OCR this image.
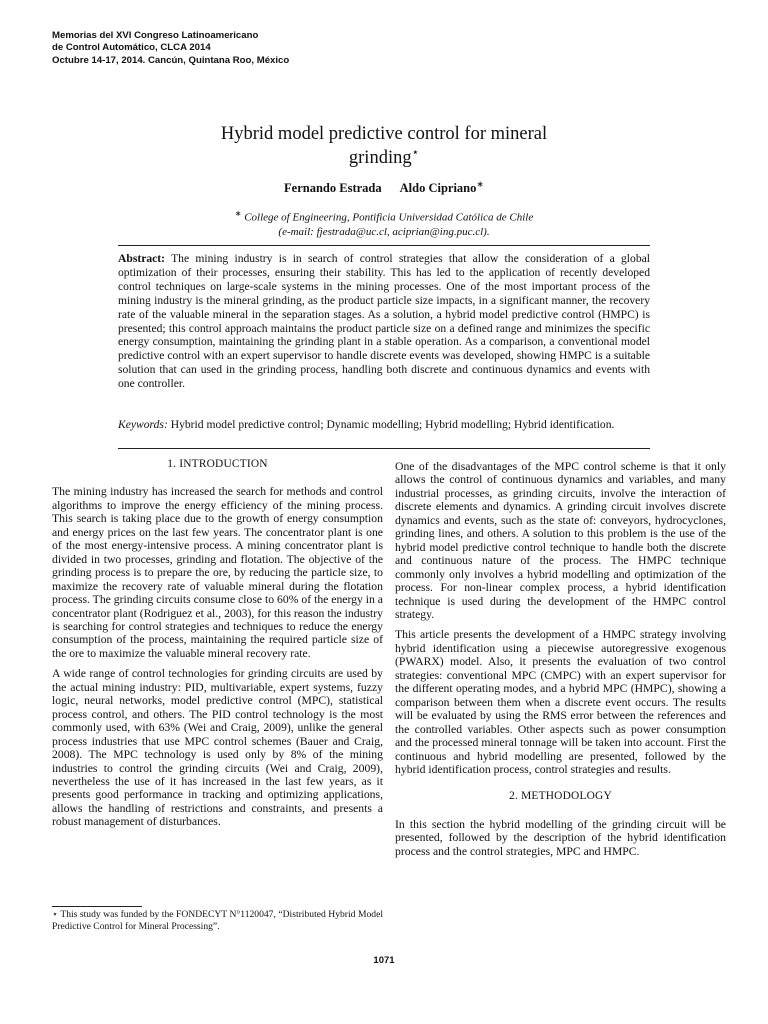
Memorias del XVI Congreso Latinoamericano
de Control Automático, CLCA 2014
Octubre 14-17, 2014. Cancún, Quintana Roo, México
Hybrid model predictive control for mineral
grinding⋆
Fernando Estrada Aldo Cipriano∗
∗ College of Engineering, Pontificia Universidad Católica de Chile
(e-mail: fjestrada@uc.cl, aciprian@ing.puc.cl).
Abstract: The mining industry is in search of control strategies that allow the consideration of a global optimization of their processes, ensuring their stability. This has led to the application of recently developed control techniques on large-scale systems in the mining processes. One of the most important process of the mining industry is the mineral grinding, as the product particle size impacts, in a significant manner, the recovery rate of the valuable mineral in the separation stages. As a solution, a hybrid model predictive control (HMPC) is presented; this control approach maintains the product particle size on a defined range and minimizes the specific energy consumption, maintaining the grinding plant in a stable operation. As a comparison, a conventional model predictive control with an expert supervisor to handle discrete events was developed, showing HMPC is a suitable solution that can used in the grinding process, handling both discrete and continuous dynamics and events with one controller.
Keywords: Hybrid model predictive control; Dynamic modelling; Hybrid modelling; Hybrid identification.
1. INTRODUCTION

The mining industry has increased the search for methods and control algorithms to improve the energy efficiency of the mining process. This search is taking place due to the growth of energy consumption and energy prices on the last few years. The concentrator plant is one of the most energy-intensive process. A mining concentrator plant is divided in two processes, grinding and flotation. The objective of the grinding process is to prepare the ore, by reducing the particle size, to maximize the recovery rate of valuable mineral during the flotation process. The grinding circuits consume close to 60% of the energy in a concentrator plant (Rodriguez et al., 2003), for this reason the industry is searching for control strategies and techniques to reduce the energy consumption of the process, maintaining the required particle size of the ore to maximize the valuable mineral recovery rate.

A wide range of control technologies for grinding circuits are used by the actual mining industry: PID, multivariable, expert systems, fuzzy logic, neural networks, model predictive control (MPC), statistical process control, and others. The PID control technology is the most commonly used, with 63% (Wei and Craig, 2009), unlike the general process industries that use MPC control schemes (Bauer and Craig, 2008). The MPC technology is used only by 8% of the mining industries to control the grinding circuits (Wei and Craig, 2009), nevertheless the use of it has increased in the last few years, as it presents good performance in tracking and optimizing applications, allows the handling of restrictions and constraints, and presents a robust management of disturbances.

One of the disadvantages of the MPC control scheme is that it only allows the control of continuous dynamics and variables, and many industrial processes, as grinding circuits, involve the interaction of discrete elements and dynamics. A grinding circuit involves discrete dynamics and events, such as the state of: conveyors, hydrocyclones, grinding lines, and others. A solution to this problem is the use of the hybrid model predictive control technique to handle both the discrete and continuous nature of the process. The HMPC technique commonly only involves a hybrid modelling and optimization of the process. For non-linear complex process, a hybrid identification technique is used during the development of the HMPC control strategy.

This article presents the development of a HMPC strategy involving hybrid identification using a piecewise autoregressive exogenous (PWARX) model. Also, it presents the evaluation of two control strategies: conventional MPC (CMPC) with an expert supervisor for the different operating modes, and a hybrid MPC (HMPC), showing a comparison between them when a discrete event occurs. The results will be evaluated by using the RMS error between the references and the controlled variables. Other aspects such as power consumption and the processed mineral tonnage will be taken into account. First the continuous and hybrid modelling are presented, followed by the hybrid identification process, control strategies and results.

2. METHODOLOGY

In this section the hybrid modelling of the grinding circuit will be presented, followed by the description of the hybrid identification process and the control strategies, MPC and HMPC.

⋆ This study was funded by the FONDECYT N°1120047, “Distributed Hybrid Model Predictive Control for Mineral Processing”.
1071
